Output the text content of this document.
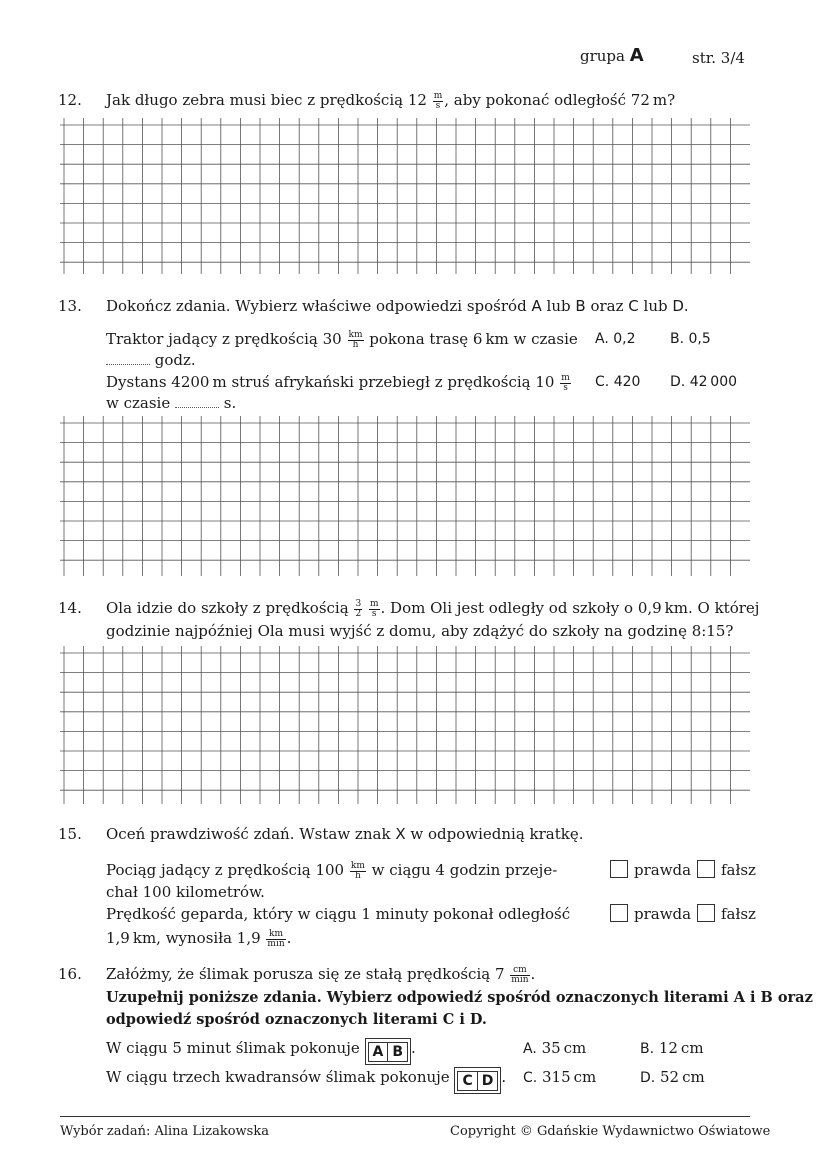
grupa A	str. 3/4
12. Jak długo zebra musi biec z prędkością $12 \frac{m}{s}$ , aby pokonać odległość 72 m?
13. Dokończ zdania. Wybierz właściwe odpowiedzi spośród A lub B oraz C lub D.
Traktor jadący z prędkością $30 \frac{km}{h}$ pokona trasę 6 km w czasie
godz.
Dystans 4200 m struś afrykański przebiegł z prędkością $10 \frac{m}{s}$
w czasie	s.
A. 0,2 B. 0,5
C. 420 D. 42 000
14. Ola idzie do szkoły z prędkością $\frac{3}{2}$
$\frac{m}{s}$ . Dom Oli jest odległy od szkoły o 0,9 km. O której
godzinie najpóźniej Ola musi wyjść z domu, aby zdążyć do szkoły na godzinę 8:15?
15. Oceń prawdziwość zdań. Wstaw znak X w odpowiednią kratkę.
Pociąg jadący z prędkością $100 \frac{km}{h}$ w ciągu 4 godzin przeje-
chał 100 kilometrów.
Prędkość geparda, który w ciągu 1 minuty pokonał odległość
1,9 km, wynosiła $1,9 \frac{km}{\min}$ .
prawda	fałsz
prawda	fałsz
16. Załóżmy, że ślimak porusza się ze stałą prędkością $7 \frac{cm}{\min}$ .
Uzupełnij poniższe zdania. Wybierz odpowiedź spośród oznaczonych literami A i B oraz
odpowiedź spośród oznaczonych literami C i D.
W ciągu 5 minut ślimak pokonuje A B .
W ciągu trzech kwadransów ślimak pokonuje C D .
A. 35 cm	B. 12 cm
C. 315 cm	D. 52 cm
Wybór zadań: Alina Lizakowska	Copyright © Gdańskie Wydawnictwo Oświatowe
